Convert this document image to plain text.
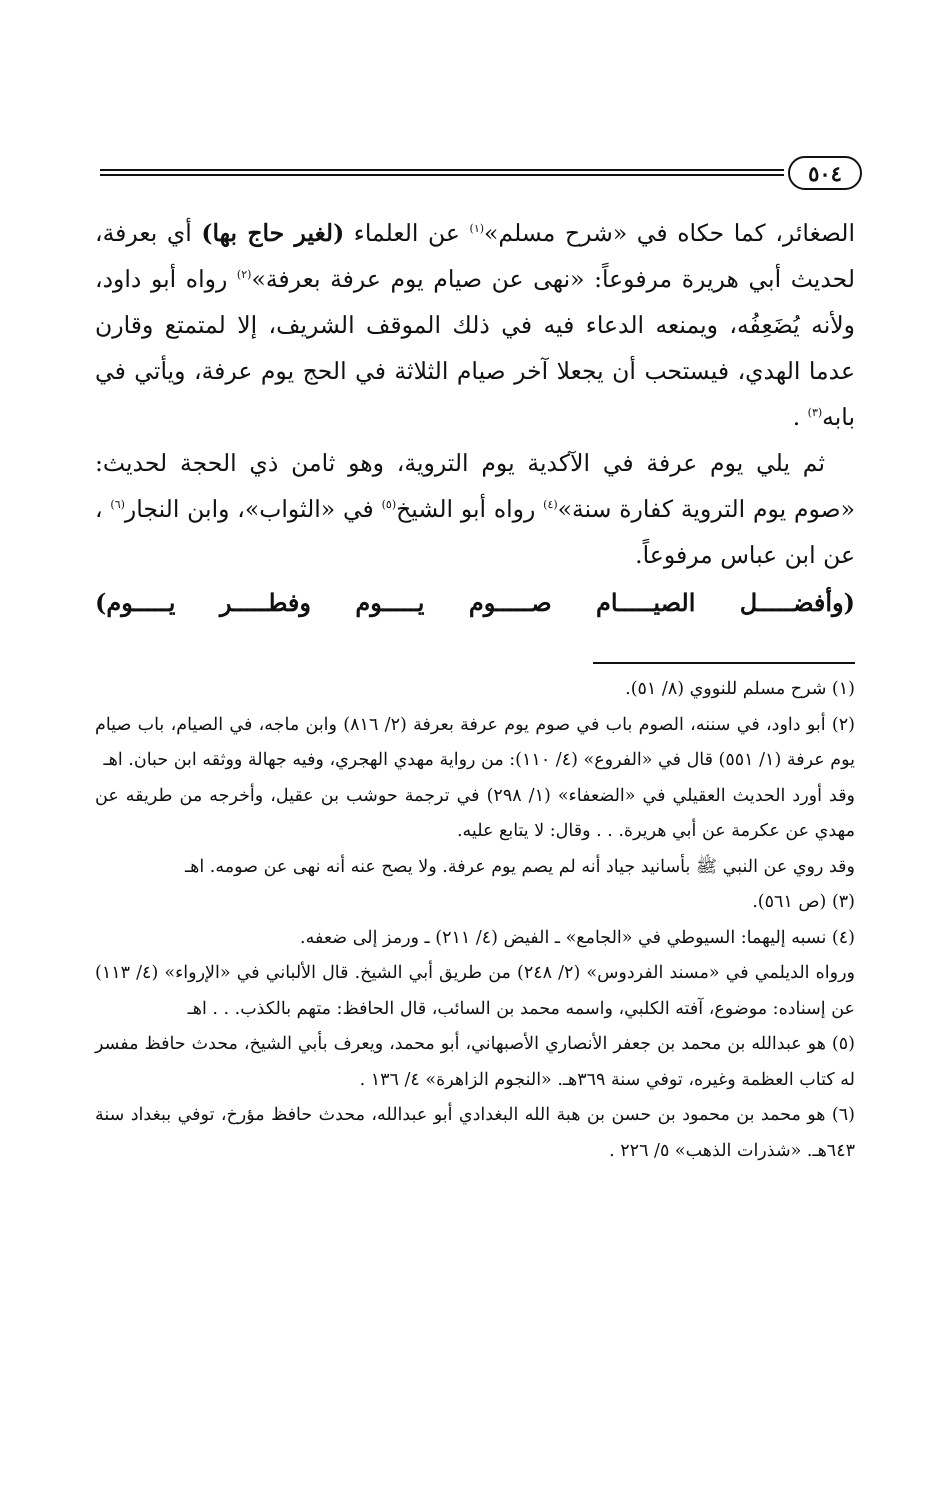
٥٠٤

الصغائر، كما حكاه في «شرح مسلم»$^{(١)}$ عن العلماء (لغير حاج بها) أي بعرفة، لحديث أبي هريرة مرفوعاً: «نهى عن صيام يوم عرفة بعرفة»$^{(٢)}$ رواه أبو داود، ولأنه يُضَعِفُه، ويمنعه الدعاء فيه في ذلك الموقف الشريف، إلا لمتمتع وقارن عدما الهدي، فيستحب أن يجعلا آخر صيام الثلاثة في الحج يوم عرفة، ويأتي في بابه$^{(٣)}$ .

ثم يلي يوم عرفة في الآكدية يوم التروية، وهو ثامن ذي الحجة لحديث: «صوم يوم التروية كفارة سنة»$^{(٤)}$ رواه أبو الشيخ$^{(٥)}$ في «الثواب»، وابن النجار$^{(٦)}$ ، عن ابن عباس مرفوعاً.

(وأفضـــــل الصيـــــام صـــــوم يـــــوم وفطـــــر يـــــوم)

(١) شرح مسلم للنووي (٨/ ٥١).

(٢) أبو داود، في سننه، الصوم باب في صوم يوم عرفة بعرفة (٢/ ٨١٦) وابن ماجه، في الصيام، باب صيام يوم عرفة (١/ ٥٥١) قال في «الفروع» (٤/ ١١٠): من رواية مهدي الهجري، وفيه جهالة ووثقه ابن حبان. اهـ

وقد أورد الحديث العقيلي في «الضعفاء» (١/ ٢٩٨) في ترجمة حوشب بن عقيل، وأخرجه من طريقه عن مهدي عن عكرمة عن أبي هريرة. . . وقال: لا يتابع عليه.

وقد روي عن النبي ﷺ بأسانيد جياد أنه لم يصم يوم عرفة. ولا يصح عنه أنه نهى عن صومه. اهـ

(٣) (ص ٥٦١).

(٤) نسبه إليهما: السيوطي في «الجامع» ـ الفيض (٤/ ٢١١) ـ ورمز إلى ضعفه.

ورواه الديلمي في «مسند الفردوس» (٢/ ٢٤٨) من طريق أبي الشيخ. قال الألباني في «الإرواء» (٤/ ١١٣) عن إسناده: موضوع، آفته الكلبي، واسمه محمد بن السائب، قال الحافظ: متهم بالكذب. . . اهـ

(٥) هو عبدالله بن محمد بن جعفر الأنصاري الأصبهاني، أبو محمد، ويعرف بأبي الشيخ، محدث حافظ مفسر له كتاب العظمة وغيره، توفي سنة ٣٦٩هـ. «النجوم الزاهرة» ٤/ ١٣٦ .

(٦) هو محمد بن محمود بن حسن بن هبة الله البغدادي أبو عبدالله، محدث حافظ مؤرخ، توفي ببغداد سنة ٦٤٣هـ. «شذرات الذهب» ٥/ ٢٢٦ .
